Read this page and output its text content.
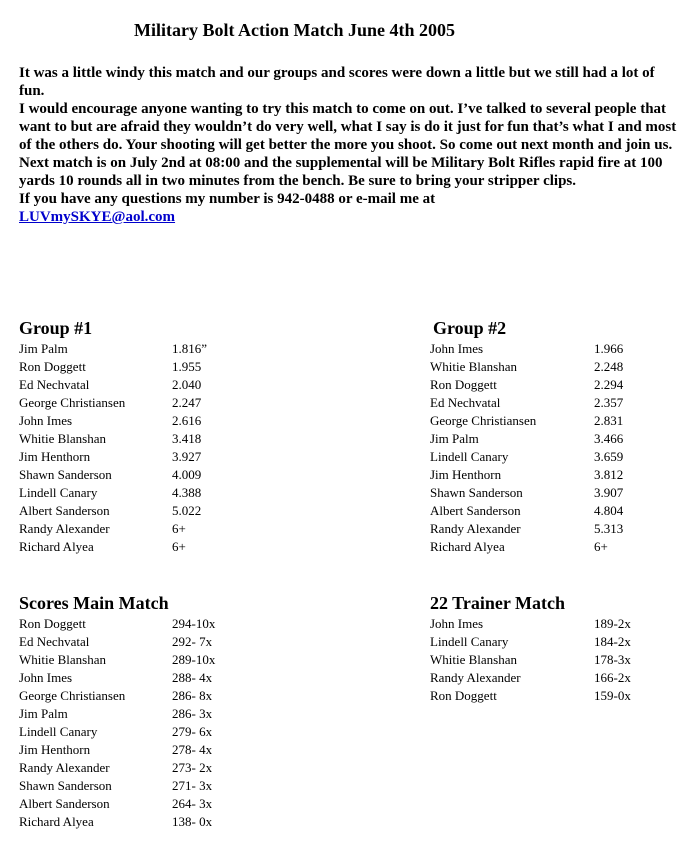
Military Bolt Action Match June 4th 2005

It was a little windy this match and our groups and scores were down a little but we still had a lot of fun.

I would encourage anyone wanting to try this match to come on out. I’ve talked to several people that want to but are afraid they wouldn’t do very well, what I say is do it just for fun that’s what I and most of the others do. Your shooting will get better the more you shoot. So come out next month and join us.

Next match is on July 2nd at 08:00 and the supplemental will be Military Bolt Rifles rapid fire at 100 yards 10 rounds all in two minutes from the bench. Be sure to bring your stripper clips.

If you have any questions my number is 942-0488 or e-mail me at

LUVmySKYE@aol.com

Group #1
Jim Palm	1.816”
Ron Doggett	1.955
Ed Nechvatal	2.040
George Christiansen	2.247
John Imes	2.616
Whitie Blanshan	3.418
Jim Henthorn	3.927
Shawn Sanderson	4.009
Lindell Canary	4.388
Albert Sanderson	5.022
Randy Alexander	6+
Richard Alyea	6+
Group #2
John Imes	1.966
Whitie Blanshan	2.248
Ron Doggett	2.294
Ed Nechvatal	2.357
George Christiansen	2.831
Jim Palm	3.466
Lindell Canary	3.659
Jim Henthorn	3.812
Shawn Sanderson	3.907
Albert Sanderson	4.804
Randy Alexander	5.313
Richard Alyea	6+
Scores Main Match
Ron Doggett	294-10x
Ed Nechvatal	292- 7x
Whitie Blanshan	289-10x
John Imes	288- 4x
George Christiansen	286- 8x
Jim Palm	286- 3x
Lindell Canary	279- 6x
Jim Henthorn	278- 4x
Randy Alexander	273- 2x
Shawn Sanderson	271- 3x
Albert Sanderson	264- 3x
Richard Alyea	138- 0x
22 Trainer Match
John Imes	189-2x
Lindell Canary	184-2x
Whitie Blanshan	178-3x
Randy Alexander	166-2x
Ron Doggett	159-0x
